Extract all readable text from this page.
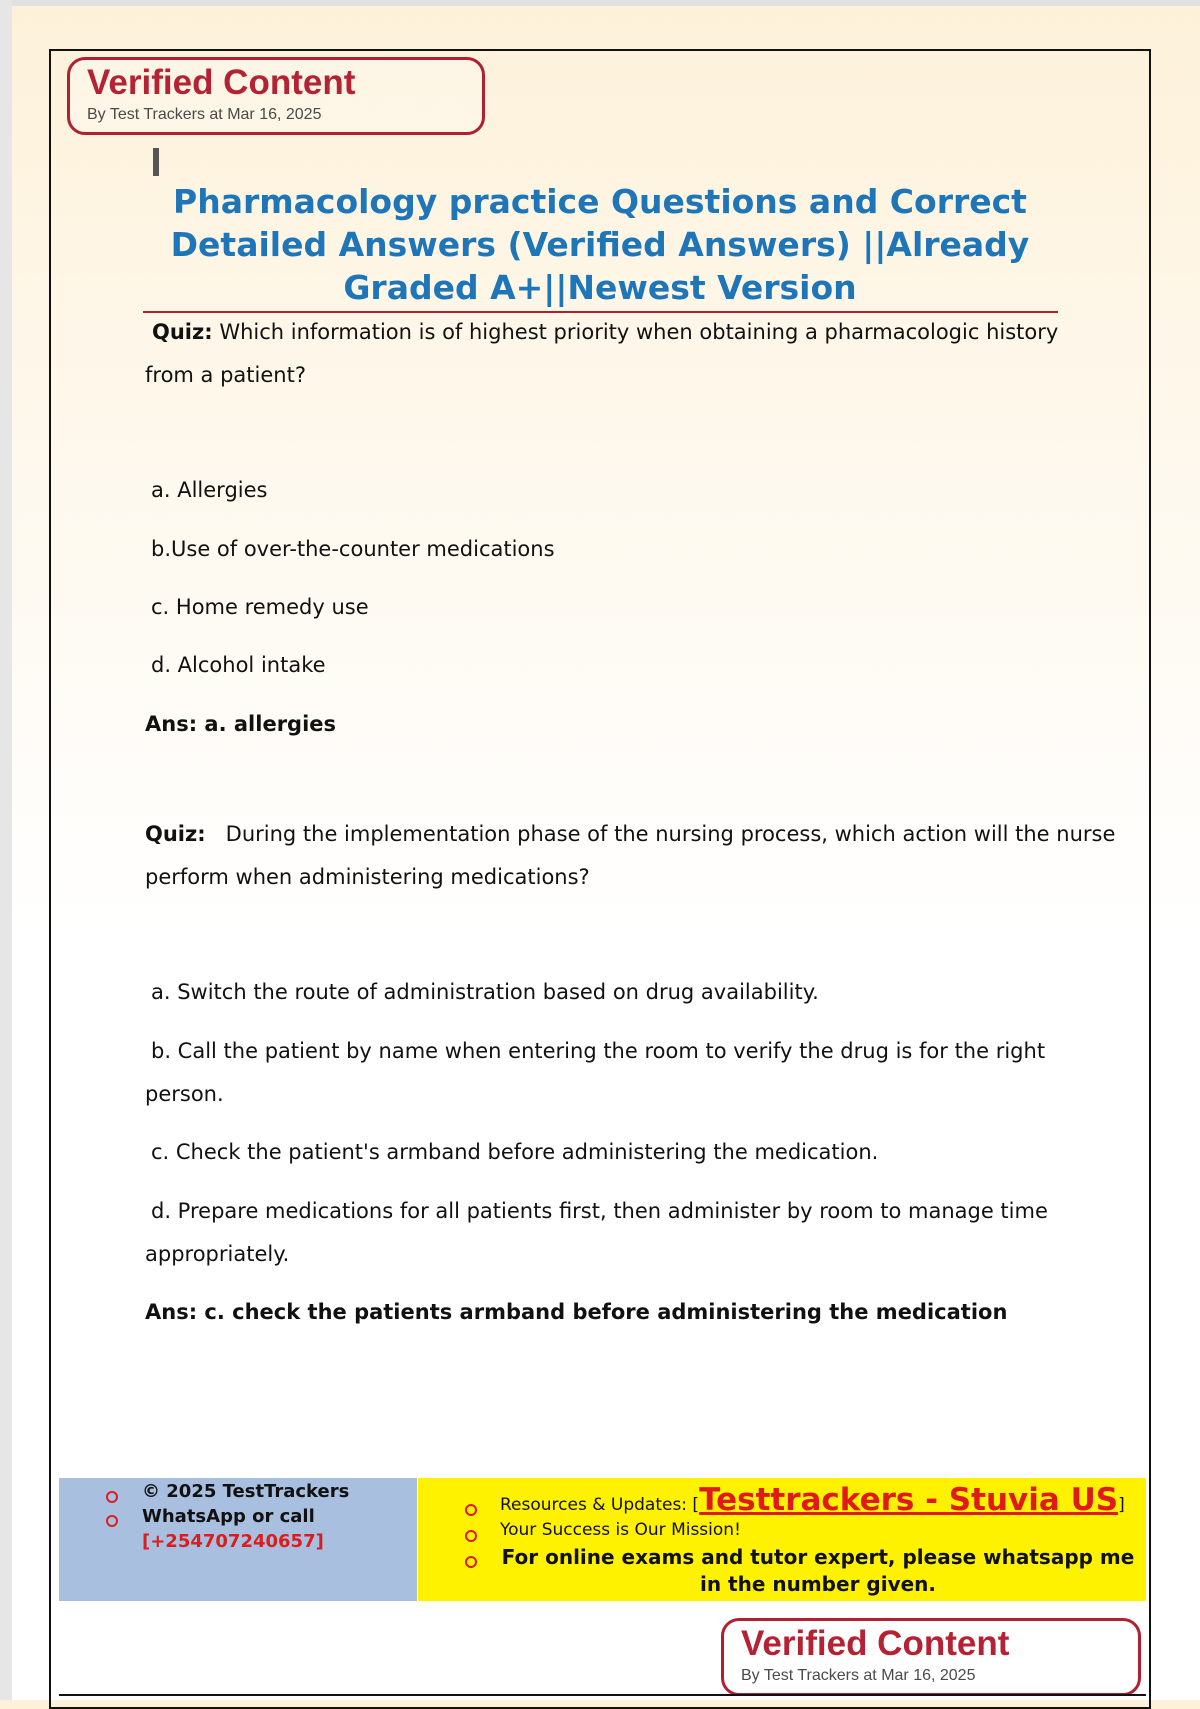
Verified Content
By Test Trackers at Mar 16, 2025
Pharmacology practice Questions and Correct
Detailed Answers (Verified Answers) ||Already
Graded A+||Newest Version
Quiz: Which information is of highest priority when obtaining a pharmacologic history
from a patient?
a. Allergies
b.Use of over-the-counter medications
c. Home remedy use
d. Alcohol intake
Ans: a. allergies
Quiz: During the implementation phase of the nursing process, which action will the nurse
perform when administering medications?
a. Switch the route of administration based on drug availability.
b. Call the patient by name when entering the room to verify the drug is for the right
person.
c. Check the patient's armband before administering the medication.
d. Prepare medications for all patients first, then administer by room to manage time
appropriately.
Ans: c. check the patients armband before administering the medication
© 2025 TestTrackers
WhatsApp or call
[+254707240657]
Resources & Updates: [Testtrackers - Stuvia US]
Your Success is Our Mission!
For online exams and tutor expert, please whatsapp me
in the number given.
Verified Content
By Test Trackers at Mar 16, 2025
